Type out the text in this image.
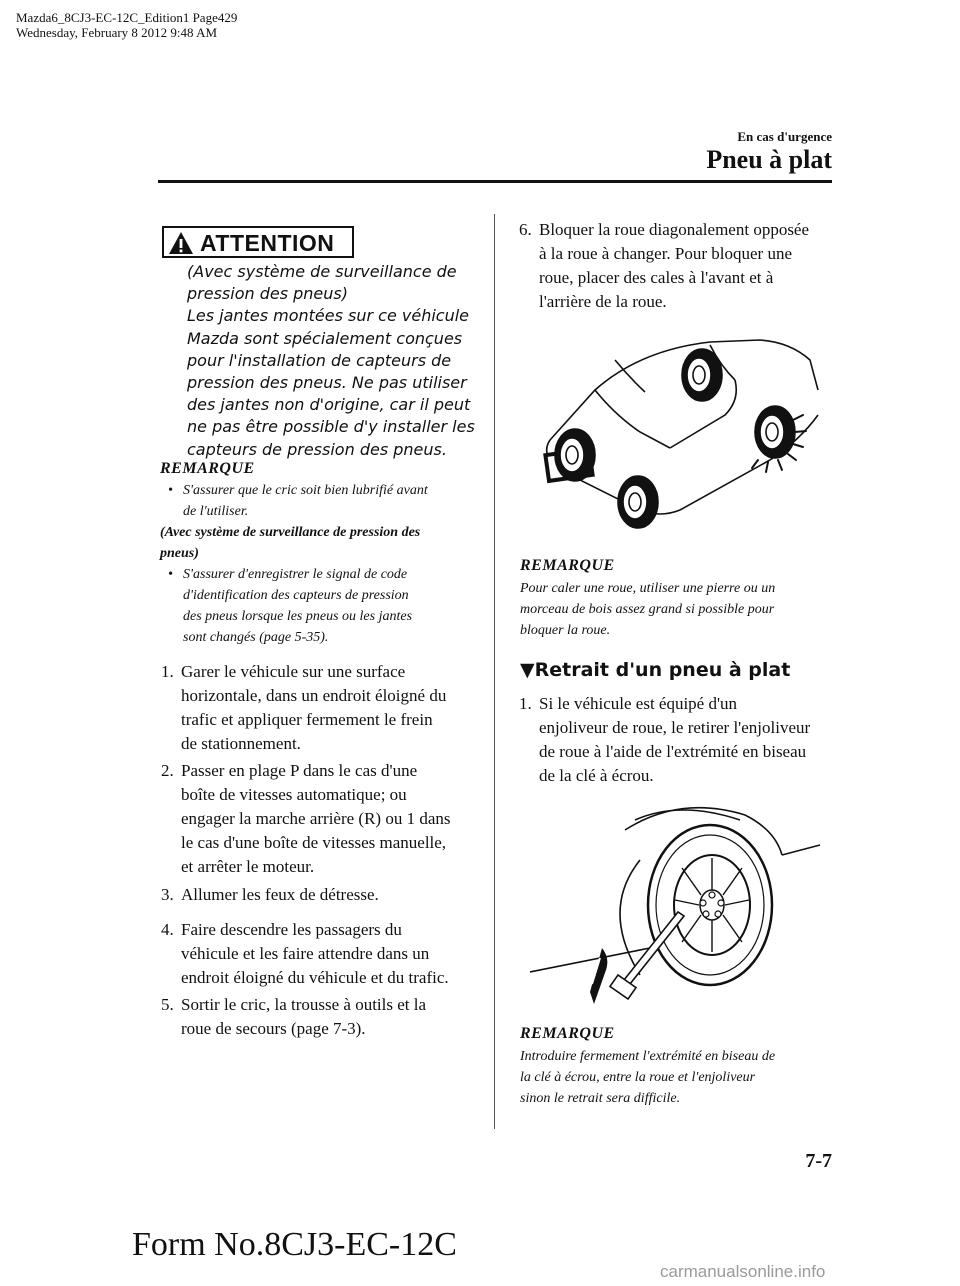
Mazda6_8CJ3-EC-12C_Edition1 Page429
Wednesday, February 8 2012 9:48 AM
En cas d'urgence
Pneu à plat
ATTENTION
(Avec système de surveillance de
pression des pneus)
Les jantes montées sur ce véhicule
Mazda sont spécialement conçues
pour l'installation de capteurs de
pression des pneus. Ne pas utiliser
des jantes non d'origine, car il peut
ne pas être possible d'y installer les
capteurs de pression des pneus.
REMARQUE
• S'assurer que le cric soit bien lubrifié avant
de l'utiliser.
(Avec système de surveillance de pression des
pneus)
• S'assurer d'enregistrer le signal de code
d'identification des capteurs de pression
des pneus lorsque les pneus ou les jantes
sont changés (page 5-35).
1. Garer le véhicule sur une surface
horizontale, dans un endroit éloigné du
trafic et appliquer fermement le frein
de stationnement.
2. Passer en plage P dans le cas d'une
boîte de vitesses automatique; ou
engager la marche arrière (R) ou 1 dans
le cas d'une boîte de vitesses manuelle,
et arrêter le moteur.
3. Allumer les feux de détresse.
4. Faire descendre les passagers du
véhicule et les faire attendre dans un
endroit éloigné du véhicule et du trafic.
5. Sortir le cric, la trousse à outils et la
roue de secours (page 7-3).
6. Bloquer la roue diagonalement opposée
à la roue à changer. Pour bloquer une
roue, placer des cales à l'avant et à
l'arrière de la roue.
REMARQUE
Pour caler une roue, utiliser une pierre ou un
morceau de bois assez grand si possible pour
bloquer la roue.
▼Retrait d'un pneu à plat
1. Si le véhicule est équipé d'un
enjoliveur de roue, le retirer l'enjoliveur
de roue à l'aide de l'extrémité en biseau
de la clé à écrou.
REMARQUE
Introduire fermement l'extrémité en biseau de
la clé à écrou, entre la roue et l'enjoliveur
sinon le retrait sera difficile.
7-7
Form No.8CJ3-EC-12C
carmanualsonline.info
